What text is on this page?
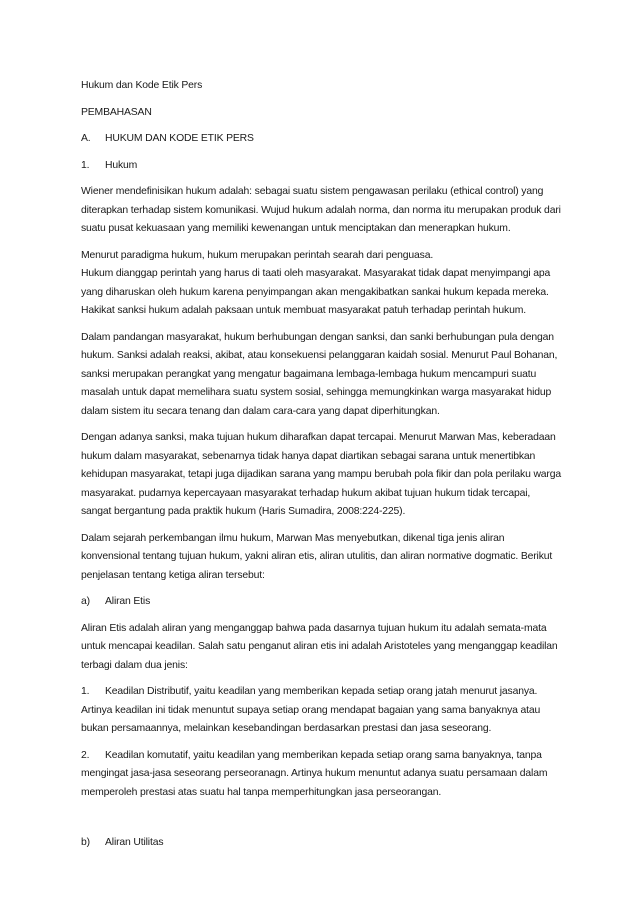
Hukum dan Kode Etik Pers

PEMBAHASAN

A. HUKUM DAN KODE ETIK PERS

1. Hukum

Wiener mendefinisikan hukum adalah: sebagai suatu sistem pengawasan perilaku (ethical control) yang diterapkan terhadap sistem komunikasi. Wujud hukum adalah norma, dan norma itu merupakan produk dari suatu pusat kekuasaan yang memiliki kewenangan untuk menciptakan dan menerapkan hukum.

Menurut paradigma hukum, hukum merupakan perintah searah dari penguasa.

Hukum dianggap perintah yang harus di taati oleh masyarakat. Masyarakat tidak dapat menyimpangi apa yang diharuskan oleh hukum karena penyimpangan akan mengakibatkan sankai hukum kepada mereka. Hakikat sanksi hukum adalah paksaan untuk membuat masyarakat patuh terhadap perintah hukum.

Dalam pandangan masyarakat, hukum berhubungan dengan sanksi, dan sanki berhubungan pula dengan hukum. Sanksi adalah reaksi, akibat, atau konsekuensi pelanggaran kaidah sosial. Menurut Paul Bohanan, sanksi merupakan perangkat yang mengatur bagaimana lembaga-lembaga hukum mencampuri suatu masalah untuk dapat memelihara suatu system sosial, sehingga memungkinkan warga masyarakat hidup dalam sistem itu secara tenang dan dalam cara-cara yang dapat diperhitungkan.

Dengan adanya sanksi, maka tujuan hukum diharafkan dapat tercapai. Menurut Marwan Mas, keberadaan hukum dalam masyarakat, sebenarnya tidak hanya dapat diartikan sebagai sarana untuk menertibkan kehidupan masyarakat, tetapi juga dijadikan sarana yang mampu berubah pola fikir dan pola perilaku warga masyarakat. pudarnya kepercayaan masyarakat terhadap hukum akibat tujuan hukum tidak tercapai, sangat bergantung pada praktik hukum (Haris Sumadira, 2008:224-225).

Dalam sejarah perkembangan ilmu hukum, Marwan Mas menyebutkan, dikenal tiga jenis aliran konvensional tentang tujuan hukum, yakni aliran etis, aliran utulitis, dan aliran normative dogmatic. Berikut penjelasan tentang ketiga aliran tersebut:

a) Aliran Etis

Aliran Etis adalah aliran yang menganggap bahwa pada dasarnya tujuan hukum itu adalah semata-mata untuk mencapai keadilan. Salah satu penganut aliran etis ini adalah Aristoteles yang menganggap keadilan terbagi dalam dua jenis:

1. Keadilan Distributif, yaitu keadilan yang memberikan kepada setiap orang jatah menurut jasanya. Artinya keadilan ini tidak menuntut supaya setiap orang mendapat bagaian yang sama banyaknya atau bukan persamaannya, melainkan kesebandingan berdasarkan prestasi dan jasa seseorang.

2. Keadilan komutatif, yaitu keadilan yang memberikan kepada setiap orang sama banyaknya, tanpa mengingat jasa-jasa seseorang perseoranagn. Artinya hukum menuntut adanya suatu persamaan dalam memperoleh prestasi atas suatu hal tanpa memperhitungkan jasa perseorangan.

b) Aliran Utilitas
